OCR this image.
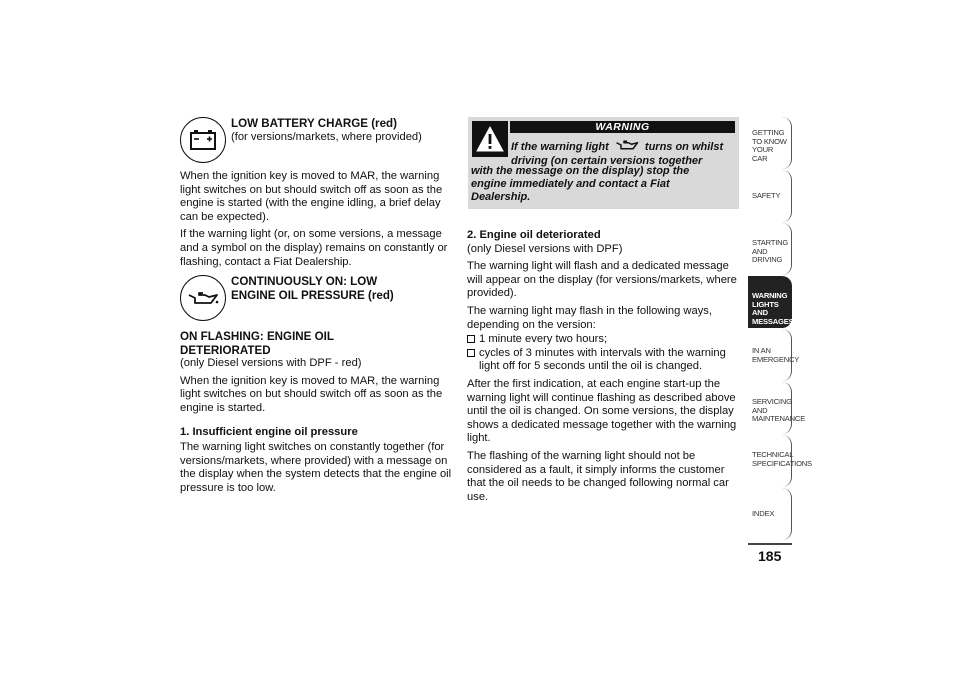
LOW BATTERY CHARGE (red)
(for versions/markets, where provided)

When the ignition key is moved to MAR, the warning light switches on but should switch off as soon as the engine is started (with the engine idling, a brief delay can be expected).

If the warning light (or, on some versions, a message and a symbol on the display) remains on constantly or flashing, contact a Fiat Dealership.

CONTINUOUSLY ON: LOW
ENGINE OIL PRESSURE (red)
ON FLASHING: ENGINE OIL DETERIORATED

(only Diesel versions with DPF - red)

When the ignition key is moved to MAR, the warning light switches on but should switch off as soon as the engine is started.

1. Insufficient engine oil pressure

The warning light switches on constantly together (for versions/markets, where provided) with a message on the display when the system detects that the engine oil pressure is too low.

WARNING
If the warning light	turns on whilst
driving (on certain versions together
with the message on the display) stop the engine immediately and contact a Fiat Dealership.
2. Engine oil deteriorated

(only Diesel versions with DPF)

The warning light will flash and a dedicated message will appear on the display (for versions/markets, where provided).

The warning light may flash in the following ways, depending on the version:

1 minute every two hours;
cycles of 3 minutes with intervals with the warning light off for 5 seconds until the oil is changed.

After the first indication, at each engine start-up the warning light will continue flashing as described above until the oil is changed. On some versions, the display shows a dedicated message together with the warning light.

The flashing of the warning light should not be considered as a fault, it simply informs the customer that the oil needs to be changed following normal car use.

GETTING TO KNOW YOUR CAR
SAFETY
STARTING AND DRIVING
WARNING LIGHTS AND MESSAGES
IN AN EMERGENCY
SERVICING AND MAINTENANCE
TECHNICAL SPECIFICATIONS
INDEX
185
